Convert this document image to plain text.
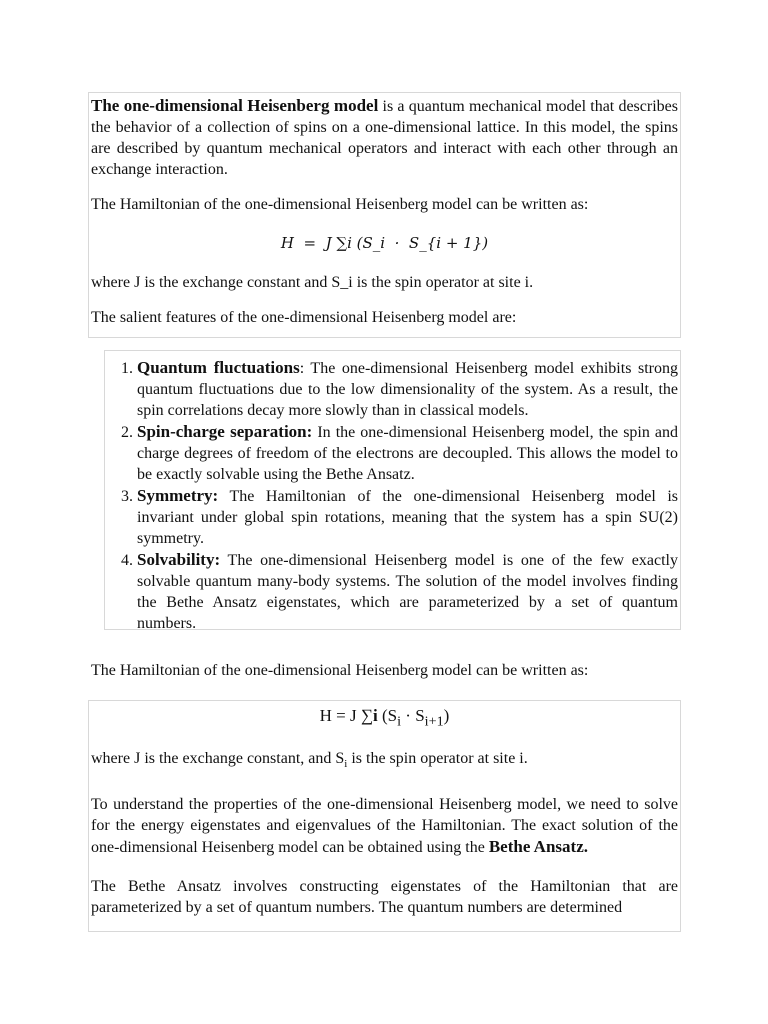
The one-dimensional Heisenberg model is a quantum mechanical model that describes the behavior of a collection of spins on a one-dimensional lattice. In this model, the spins are described by quantum mechanical operators and interact with each other through an exchange interaction.

The Hamiltonian of the one-dimensional Heisenberg model can be written as:

H  =  J ∑i (S_i  ·  S_{i + 1})

where J is the exchange constant and S_i is the spin operator at site i.

The salient features of the one-dimensional Heisenberg model are:

1. Quantum fluctuations: The one-dimensional Heisenberg model exhibits strong quantum fluctuations due to the low dimensionality of the system. As a result, the spin correlations decay more slowly than in classical models.
2. Spin-charge separation: In the one-dimensional Heisenberg model, the spin and charge degrees of freedom of the electrons are decoupled. This allows the model to be exactly solvable using the Bethe Ansatz.
3. Symmetry: The Hamiltonian of the one-dimensional Heisenberg model is invariant under global spin rotations, meaning that the system has a spin SU(2) symmetry.
4. Solvability: The one-dimensional Heisenberg model is one of the few exactly solvable quantum many-body systems. The solution of the model involves finding the Bethe Ansatz eigenstates, which are parameterized by a set of quantum numbers.

The Hamiltonian of the one-dimensional Heisenberg model can be written as:

H = J ∑i $(S_i \cdot S_{i+1})$

where J is the exchange constant, and $S_i$ is the spin operator at site i.

To understand the properties of the one-dimensional Heisenberg model, we need to solve for the energy eigenstates and eigenvalues of the Hamiltonian. The exact solution of the one-dimensional Heisenberg model can be obtained using the Bethe Ansatz.

The Bethe Ansatz involves constructing eigenstates of the Hamiltonian that are parameterized by a set of quantum numbers. The quantum numbers are determined
